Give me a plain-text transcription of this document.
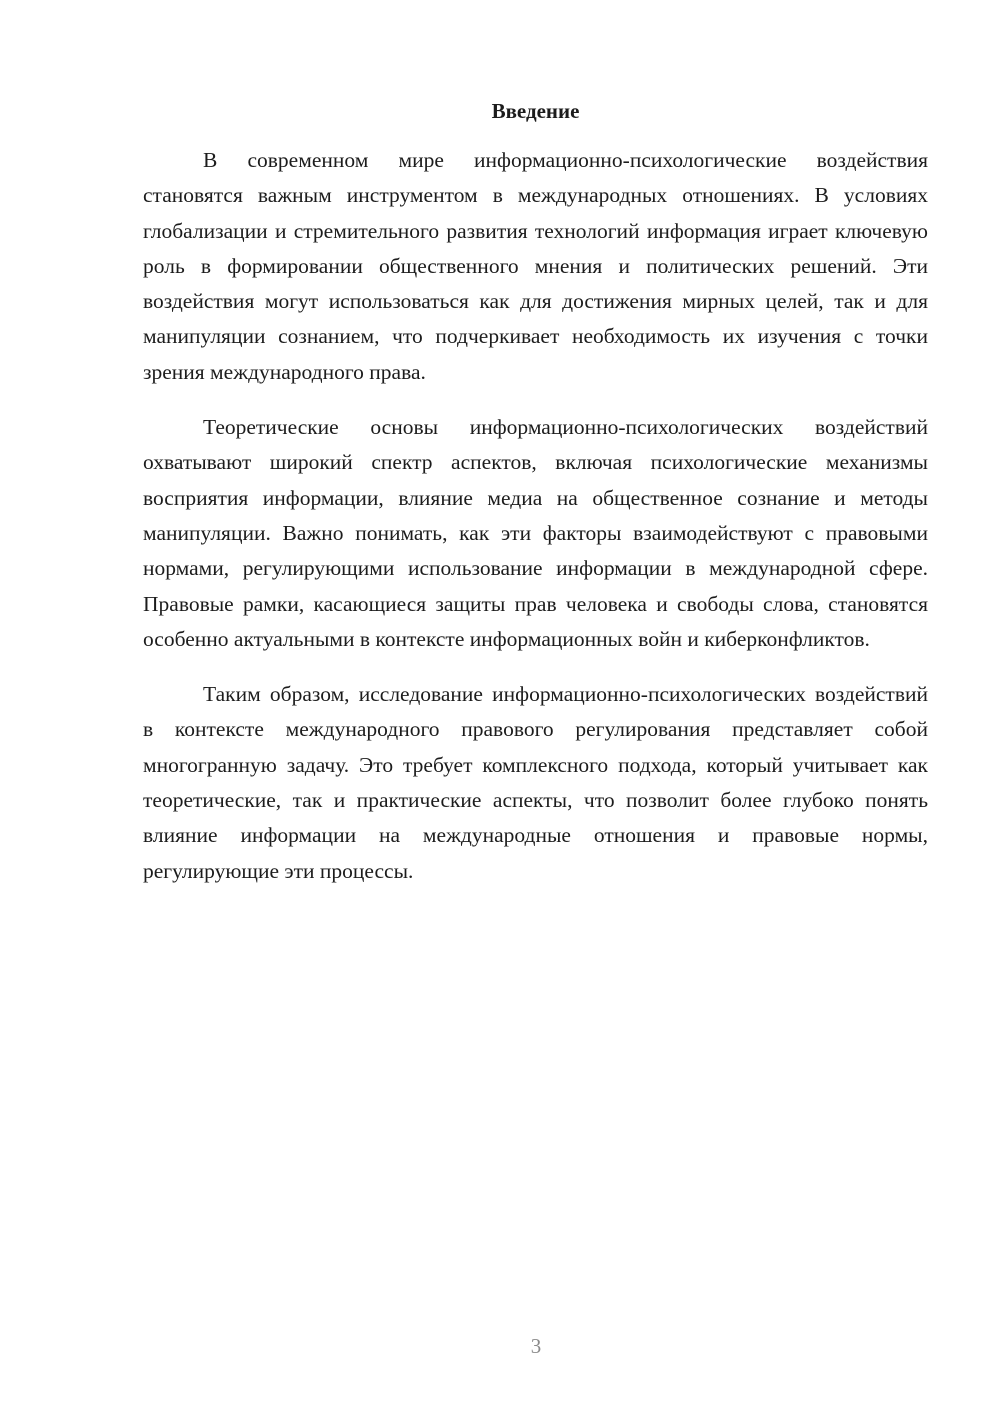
Введение

В современном мире информационно-психологические воздействия становятся важным инструментом в международных отношениях. В условиях глобализации и стремительного развития технологий информация играет ключевую роль в формировании общественного мнения и политических решений. Эти воздействия могут использоваться как для достижения мирных целей, так и для манипуляции сознанием, что подчеркивает необходимость их изучения с точки зрения международного права.

Теоретические основы информационно-психологических воздействий охватывают широкий спектр аспектов, включая психологические механизмы восприятия информации, влияние медиа на общественное сознание и методы манипуляции. Важно понимать, как эти факторы взаимодействуют с правовыми нормами, регулирующими использование информации в международной сфере. Правовые рамки, касающиеся защиты прав человека и свободы слова, становятся особенно актуальными в контексте информационных войн и киберконфликтов.

Таким образом, исследование информационно-психологических воздействий в контексте международного правового регулирования представляет собой многогранную задачу. Это требует комплексного подхода, который учитывает как теоретические, так и практические аспекты, что позволит более глубоко понять влияние информации на международные отношения и правовые нормы, регулирующие эти процессы.

3
